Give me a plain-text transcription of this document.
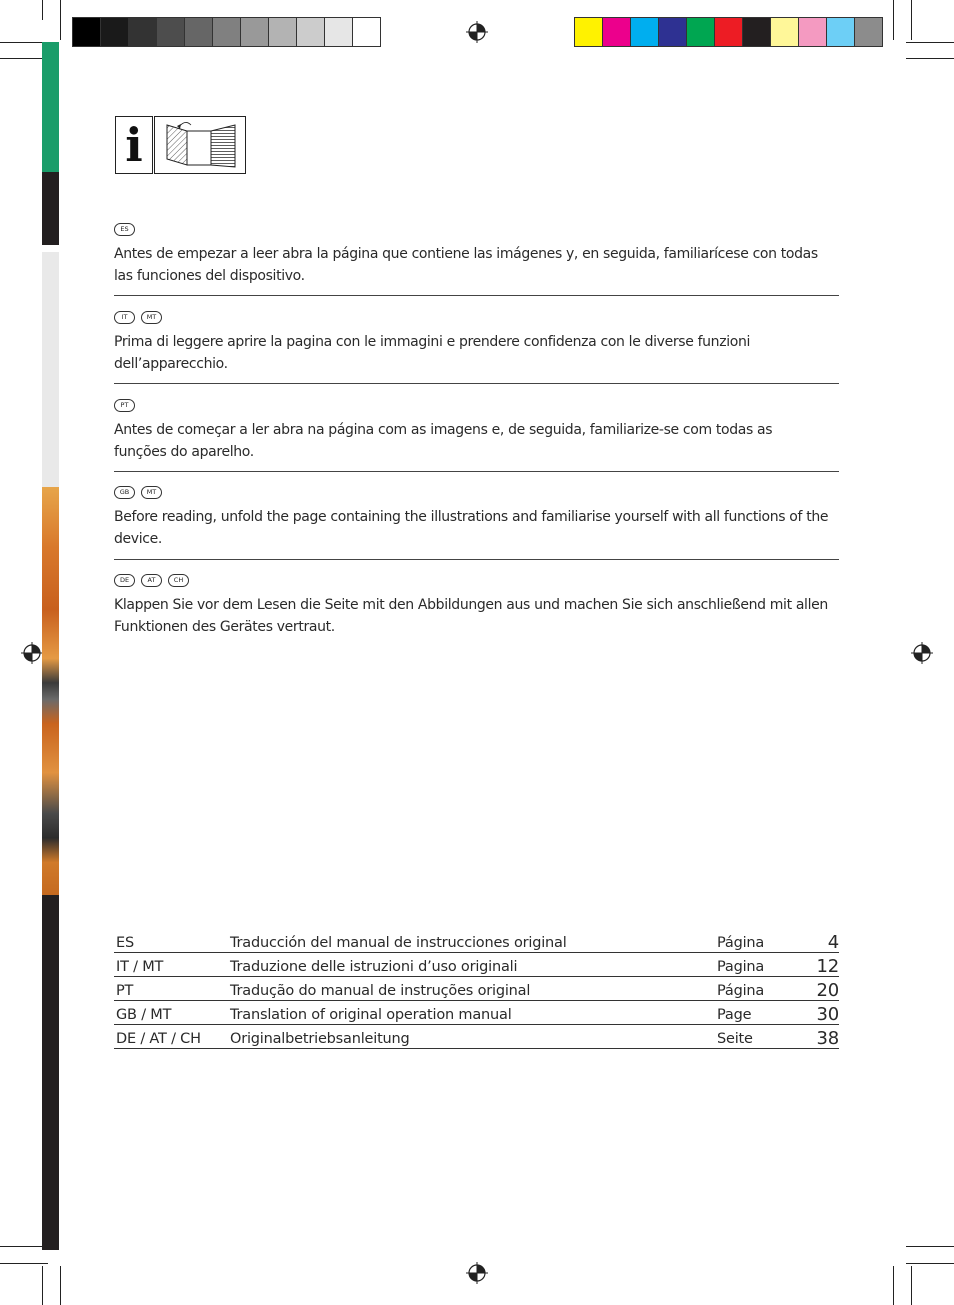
i
ES
Antes de empezar a leer abra la página que contiene las imágenes y, en seguida, familiarícese con todas las funciones del dispositivo.
IT	MT
Prima di leggere aprire la pagina con le immagini e prendere confidenza con le diverse funzioni dell’apparecchio.
PT
Antes de começar a ler abra na página com as imagens e, de seguida, familiarize-se com todas as funções do aparelho.
GB	MT
Before reading, unfold the page containing the illustrations and familiarise yourself with all functions of the device.
DE	AT	CH
Klappen Sie vor dem Lesen die Seite mit den Abbildungen aus und machen Sie sich anschließend mit allen Funktionen des Gerätes vertraut.
ES	Traducción del manual de instrucciones original	Página	4
IT / MT	Traduzione delle istruzioni d’uso originali	Pagina	12
PT	Tradução do manual de instruções original	Página	20
GB / MT	Translation of original operation manual	Page	30
DE / AT / CH	Originalbetriebsanleitung	Seite	38
